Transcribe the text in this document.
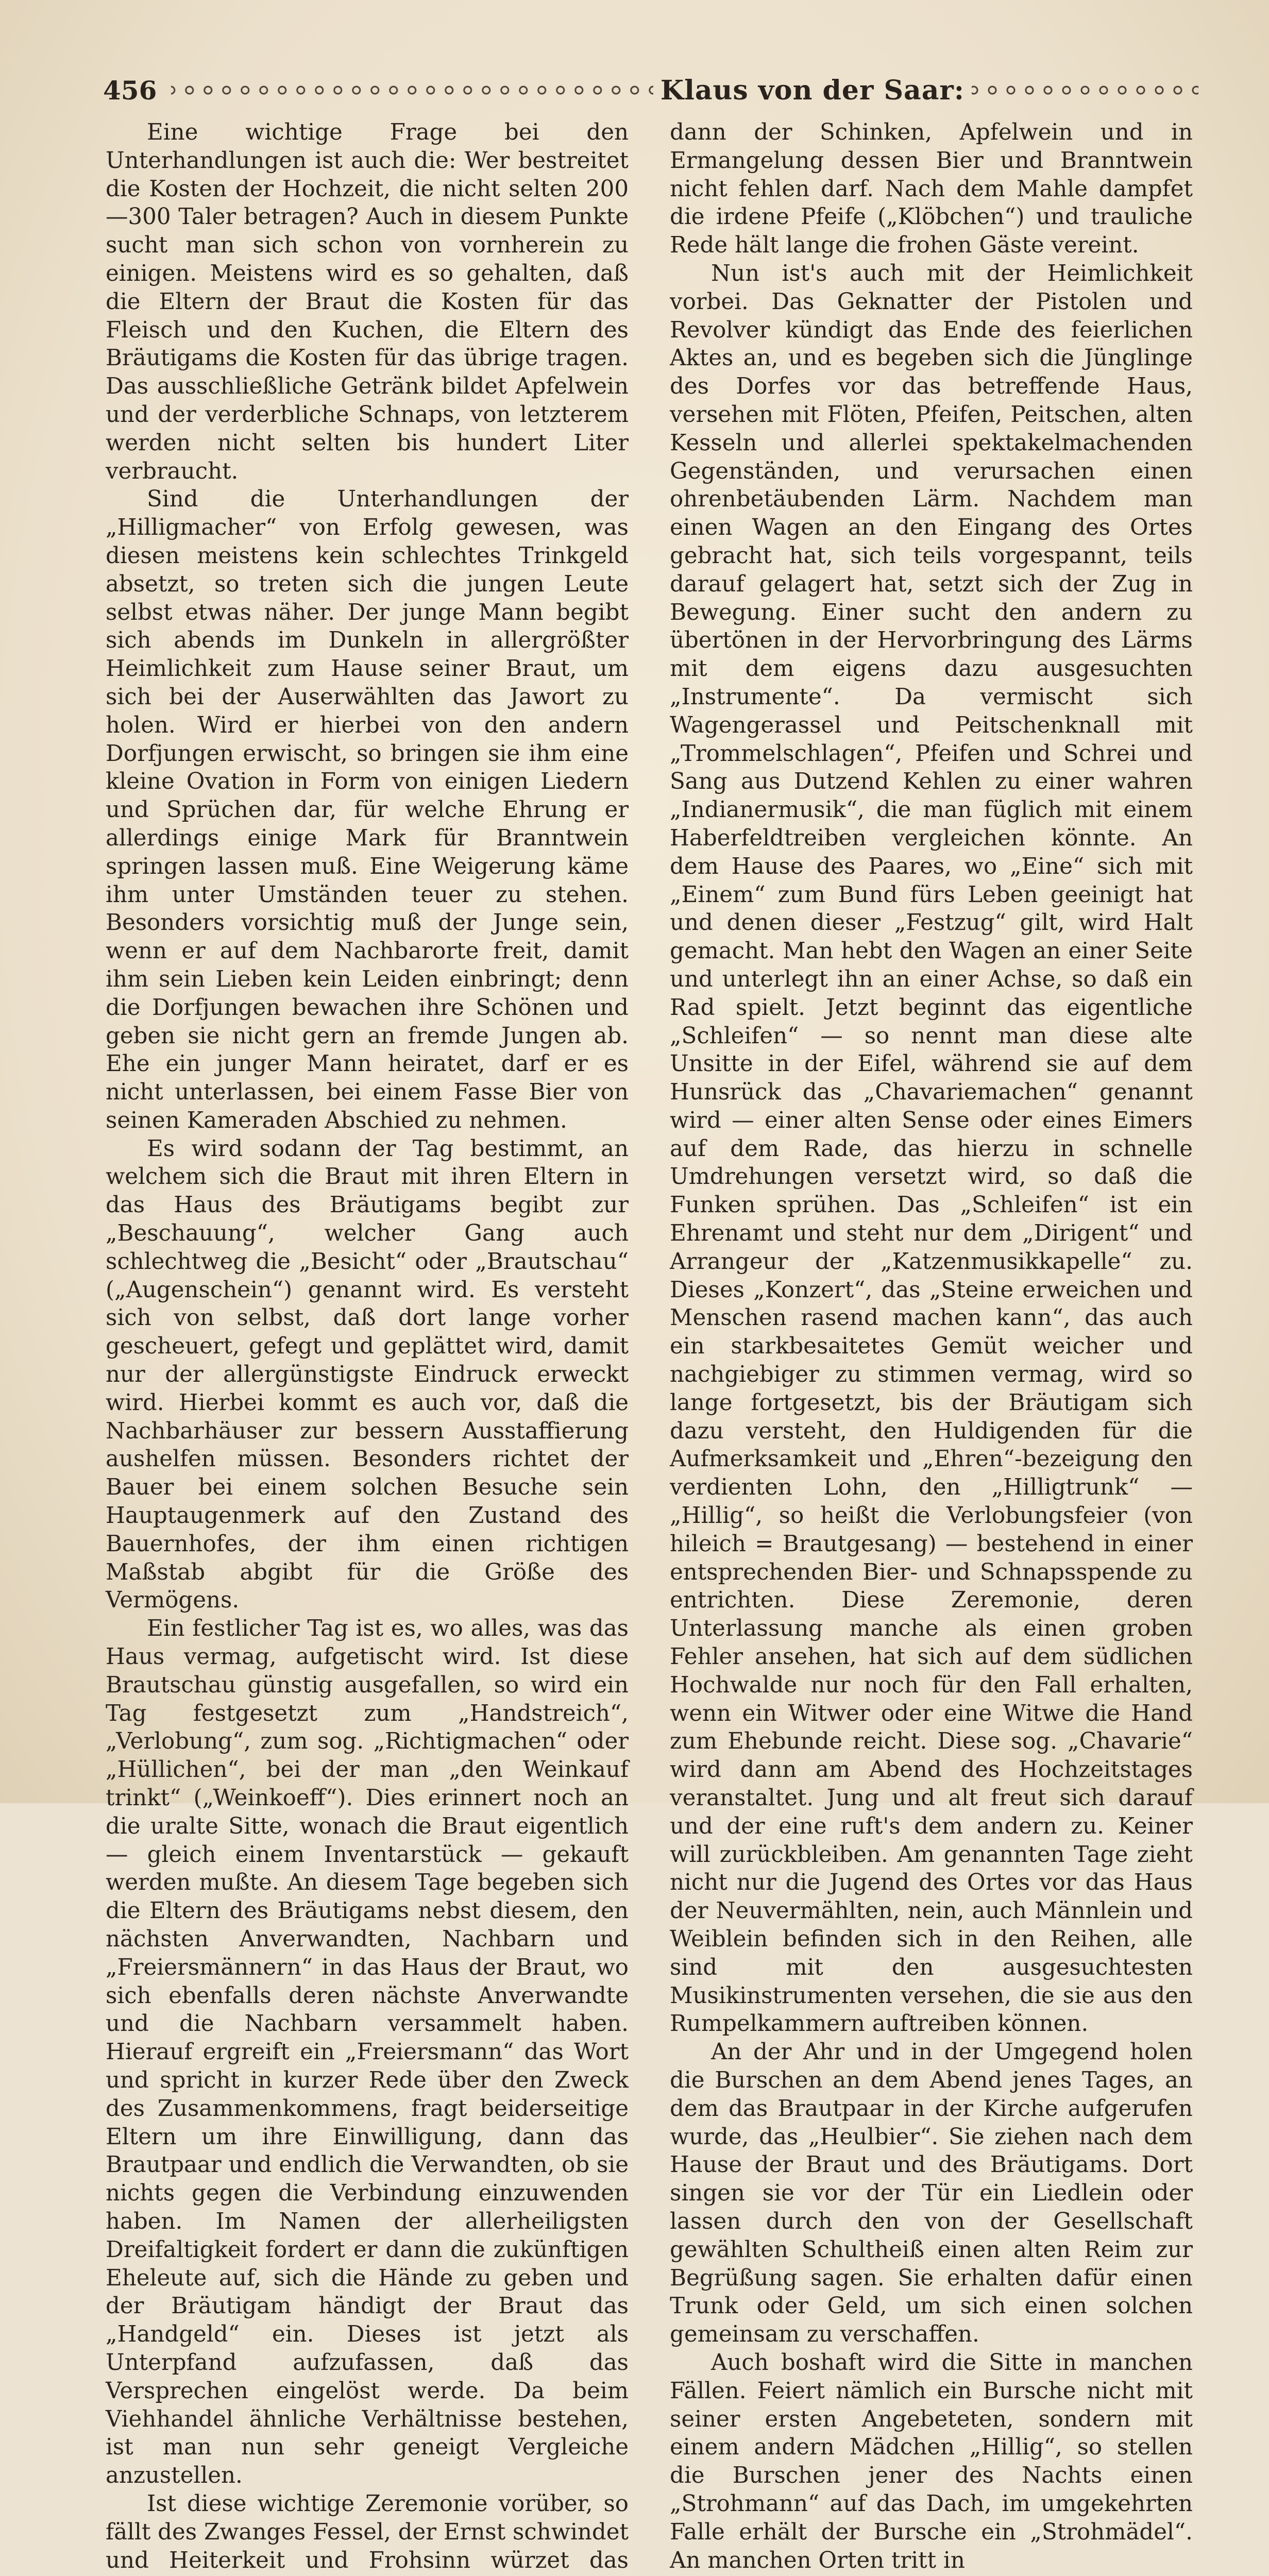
456	Klaus von der Saar:

Eine wichtige Frage bei den Unterhandlungen ist auch die: Wer bestreitet die Kosten der Hochzeit, die nicht selten 200—300 Taler betragen? Auch in diesem Punkte sucht man sich schon von vornherein zu einigen. Meistens wird es so gehalten, daß die Eltern der Braut die Kosten für das Fleisch und den Kuchen, die Eltern des Bräutigams die Kosten für das übrige tragen. Das ausschließliche Getränk bildet Apfelwein und der verderbliche Schnaps, von letzterem werden nicht selten bis hundert Liter verbraucht.

Sind die Unterhandlungen der „Hilligmacher“ von Erfolg gewesen, was diesen meistens kein schlechtes Trinkgeld absetzt, so treten sich die jungen Leute selbst etwas näher. Der junge Mann begibt sich abends im Dunkeln in allergrößter Heimlichkeit zum Hause seiner Braut, um sich bei der Auserwählten das Jawort zu holen. Wird er hierbei von den andern Dorfjungen erwischt, so bringen sie ihm eine kleine Ovation in Form von einigen Liedern und Sprüchen dar, für welche Ehrung er allerdings einige Mark für Branntwein springen lassen muß. Eine Weigerung käme ihm unter Umständen teuer zu stehen. Besonders vorsichtig muß der Junge sein, wenn er auf dem Nachbarorte freit, damit ihm sein Lieben kein Leiden einbringt; denn die Dorfjungen bewachen ihre Schönen und geben sie nicht gern an fremde Jungen ab. Ehe ein junger Mann heiratet, darf er es nicht unterlassen, bei einem Fasse Bier von seinen Kameraden Abschied zu nehmen.

Es wird sodann der Tag bestimmt, an welchem sich die Braut mit ihren Eltern in das Haus des Bräutigams begibt zur „Beschauung“, welcher Gang auch schlechtweg die „Besicht“ oder „Brautschau“ („Augenschein“) genannt wird. Es versteht sich von selbst, daß dort lange vorher gescheuert, gefegt und geplättet wird, damit nur der allergünstigste Eindruck erweckt wird. Hierbei kommt es auch vor, daß die Nachbarhäuser zur bessern Ausstaffierung aushelfen müssen. Besonders richtet der Bauer bei einem solchen Besuche sein Hauptaugenmerk auf den Zustand des Bauernhofes, der ihm einen richtigen Maßstab abgibt für die Größe des Vermögens.

Ein festlicher Tag ist es, wo alles, was das Haus vermag, aufgetischt wird. Ist diese Brautschau günstig ausgefallen, so wird ein Tag festgesetzt zum „Handstreich“, „Verlobung“, zum sog. „Richtigmachen“ oder „Hüllichen“, bei der man „den Weinkauf trinkt“ („Weinkoeff“). Dies erinnert noch an die uralte Sitte, wonach die Braut eigentlich — gleich einem Inventarstück — gekauft werden mußte. An diesem Tage begeben sich die Eltern des Bräutigams nebst diesem, den nächsten Anverwandten, Nachbarn und „Freiersmännern“ in das Haus der Braut, wo sich ebenfalls deren nächste Anverwandte und die Nachbarn versammelt haben. Hierauf ergreift ein „Freiersmann“ das Wort und spricht in kurzer Rede über den Zweck des Zusammenkommens, fragt beiderseitige Eltern um ihre Einwilligung, dann das Brautpaar und endlich die Verwandten, ob sie nichts gegen die Verbindung einzuwenden haben. Im Namen der allerheiligsten Dreifaltigkeit fordert er dann die zukünftigen Eheleute auf, sich die Hände zu geben und der Bräutigam händigt der Braut das „Handgeld“ ein. Dieses ist jetzt als Unterpfand aufzufassen, daß das Versprechen eingelöst werde. Da beim Viehhandel ähnliche Verhältnisse bestehen, ist man nun sehr geneigt Vergleiche anzustellen.

Ist diese wichtige Zeremonie vorüber, so fällt des Zwanges Fessel, der Ernst schwindet und Heiterkeit und Frohsinn würzet das

dann der Schinken, Apfelwein und in Ermangelung dessen Bier und Branntwein nicht fehlen darf. Nach dem Mahle dampfet die irdene Pfeife („Klöbchen“) und trauliche Rede hält lange die frohen Gäste vereint.

Nun ist's auch mit der Heimlichkeit vorbei. Das Geknatter der Pistolen und Revolver kündigt das Ende des feierlichen Aktes an, und es begeben sich die Jünglinge des Dorfes vor das betreffende Haus, versehen mit Flöten, Pfeifen, Peitschen, alten Kesseln und allerlei spektakelmachenden Gegenständen, und verursachen einen ohrenbetäubenden Lärm. Nachdem man einen Wagen an den Eingang des Ortes gebracht hat, sich teils vorgespannt, teils darauf gelagert hat, setzt sich der Zug in Bewegung. Einer sucht den andern zu übertönen in der Hervorbringung des Lärms mit dem eigens dazu ausgesuchten „Instrumente“. Da vermischt sich Wagengerassel und Peitschenknall mit „Trommelschlagen“, Pfeifen und Schrei und Sang aus Dutzend Kehlen zu einer wahren „Indianermusik“, die man füglich mit einem Haberfeldtreiben vergleichen könnte. An dem Hause des Paares, wo „Eine“ sich mit „Einem“ zum Bund fürs Leben geeinigt hat und denen dieser „Festzug“ gilt, wird Halt gemacht. Man hebt den Wagen an einer Seite und unterlegt ihn an einer Achse, so daß ein Rad spielt. Jetzt beginnt das eigentliche „Schleifen“ — so nennt man diese alte Unsitte in der Eifel, während sie auf dem Hunsrück das „Chavariemachen“ genannt wird — einer alten Sense oder eines Eimers auf dem Rade, das hierzu in schnelle Umdrehungen versetzt wird, so daß die Funken sprühen. Das „Schleifen“ ist ein Ehrenamt und steht nur dem „Dirigent“ und Arrangeur der „Katzenmusikkapelle“ zu. Dieses „Konzert“, das „Steine erweichen und Menschen rasend machen kann“, das auch ein starkbesaitetes Gemüt weicher und nachgiebiger zu stimmen vermag, wird so lange fortgesetzt, bis der Bräutigam sich dazu versteht, den Huldigenden für die Aufmerksamkeit und „Ehren“-bezeigung den verdienten Lohn, den „Hilligtrunk“ — „Hillig“, so heißt die Verlobungsfeier (von hileich = Brautgesang) — bestehend in einer entsprechenden Bier- und Schnapsspende zu entrichten. Diese Zeremonie, deren Unterlassung manche als einen groben Fehler ansehen, hat sich auf dem südlichen Hochwalde nur noch für den Fall erhalten, wenn ein Witwer oder eine Witwe die Hand zum Ehebunde reicht. Diese sog. „Chavarie“ wird dann am Abend des Hochzeitstages veranstaltet. Jung und alt freut sich darauf und der eine ruft's dem andern zu. Keiner will zurückbleiben. Am genannten Tage zieht nicht nur die Jugend des Ortes vor das Haus der Neuvermählten, nein, auch Männlein und Weiblein befinden sich in den Reihen, alle sind mit den ausgesuchtesten Musikinstrumenten versehen, die sie aus den Rumpelkammern auftreiben können.

An der Ahr und in der Umgegend holen die Burschen an dem Abend jenes Tages, an dem das Brautpaar in der Kirche aufgerufen wurde, das „Heulbier“. Sie ziehen nach dem Hause der Braut und des Bräutigams. Dort singen sie vor der Tür ein Liedlein oder lassen durch den von der Gesellschaft gewählten Schultheiß einen alten Reim zur Begrüßung sagen. Sie erhalten dafür einen Trunk oder Geld, um sich einen solchen gemeinsam zu verschaffen.

Auch boshaft wird die Sitte in manchen Fällen. Feiert nämlich ein Bursche nicht mit seiner ersten Angebeteten, sondern mit einem andern Mädchen „Hillig“, so stellen die Burschen jener des Nachts einen „Strohmann“ auf das Dach, im umgekehrten Falle erhält der Bursche ein „Strohmädel“. An manchen Orten tritt in
